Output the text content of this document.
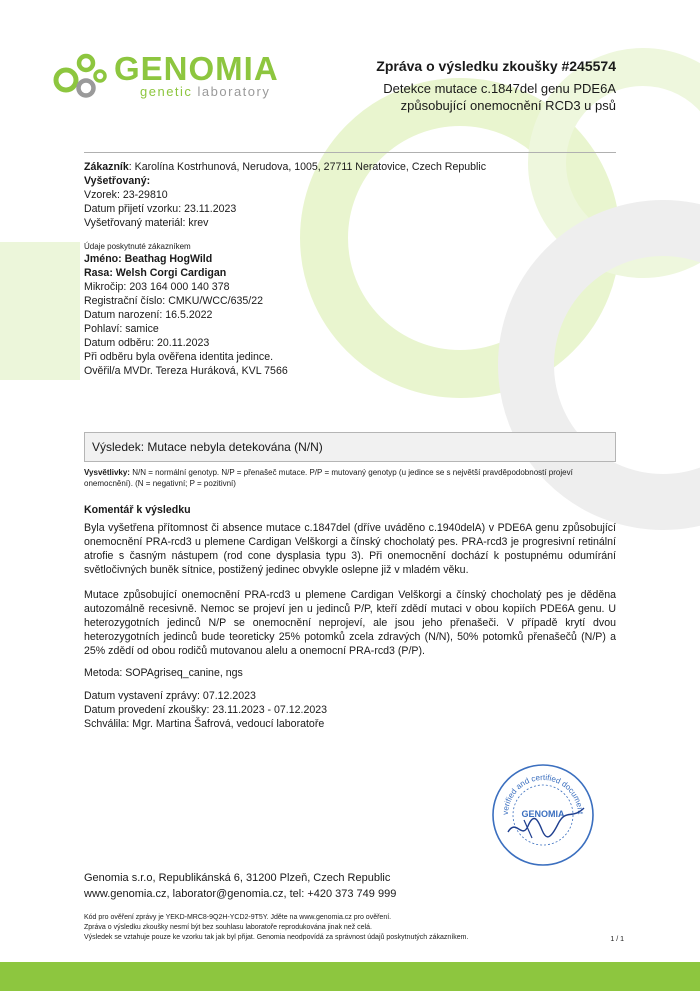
GENOMIA
genetic laboratory
Zpráva o výsledku zkoušky #245574
Detekce mutace c.1847del genu PDE6A
způsobující onemocnění RCD3 u psů
Zákazník: Karolína Kostrhunová, Nerudova, 1005, 27711 Neratovice, Czech Republic
Vyšetřovaný:
Vzorek: 23-29810
Datum přijetí vzorku: 23.11.2023
Vyšetřovaný materiál: krev
Údaje poskytnuté zákazníkem
Jméno: Beathag HogWild
Rasa: Welsh Corgi Cardigan
Mikročip: 203 164 000 140 378
Registrační číslo: CMKU/WCC/635/22
Datum narození: 16.5.2022
Pohlaví: samice
Datum odběru: 20.11.2023
Při odběru byla ověřena identita jedince.
Ověřil/a MVDr. Tereza Huráková, KVL 7566
Výsledek: Mutace nebyla detekována (N/N)
Vysvětlivky: N/N = normální genotyp. N/P = přenašeč mutace. P/P = mutovaný genotyp (u jedince se s největší pravděpodobností projeví onemocnění). (N = negativní; P = pozitivní)
Komentář k výsledku
Byla vyšetřena přítomnost či absence mutace c.1847del (dříve uváděno c.1940delA) v PDE6A genu způsobující onemocnění PRA-rcd3 u plemene Cardigan Velškorgi a čínský chocholatý pes. PRA-rcd3 je progresivní retinální atrofie s časným nástupem (rod cone dysplasia typu 3). Při onemocnění dochází k postupnému odumírání světločivných buněk sítnice, postižený jedinec obvykle oslepne již v mladém věku.
Mutace způsobující onemocnění PRA-rcd3 u plemene Cardigan Velškorgi a čínský chocholatý pes je děděna autozomálně recesivně. Nemoc se projeví jen u jedinců P/P, kteří zdědí mutaci v obou kopiích PDE6A genu. U heterozygotních jedinců N/P se onemocnění neprojeví, ale jsou jeho přenašeči. V případě krytí dvou heterozygotních jedinců bude teoreticky 25% potomků zcela zdravých (N/N), 50% potomků přenašečů (N/P) a 25% zdědí od obou rodičů mutovanou alelu a onemocní PRA-rcd3 (P/P).
Metoda: SOPAgriseq_canine, ngs
Datum vystavení zprávy: 07.12.2023
Datum provedení zkoušky: 23.11.2023 - 07.12.2023
Schválila: Mgr. Martina Šafrová, vedoucí laboratoře
verified and certified document
GENOMIA
Genomia s.r.o, Republikánská 6, 31200 Plzeň, Czech Republic
www.genomia.cz, laborator@genomia.cz, tel: +420 373 749 999
Kód pro ověření zprávy je YEKD-MRC8-9Q2H-YCD2-9T5Y. Jděte na www.genomia.cz pro ověření.
Zpráva o výsledku zkoušky nesmí být bez souhlasu laboratoře reprodukována jinak než celá.
Výsledek se vztahuje pouze ke vzorku tak jak byl přijat. Genomia neodpovídá za správnost údajů poskytnutých zákazníkem.	1 / 1
